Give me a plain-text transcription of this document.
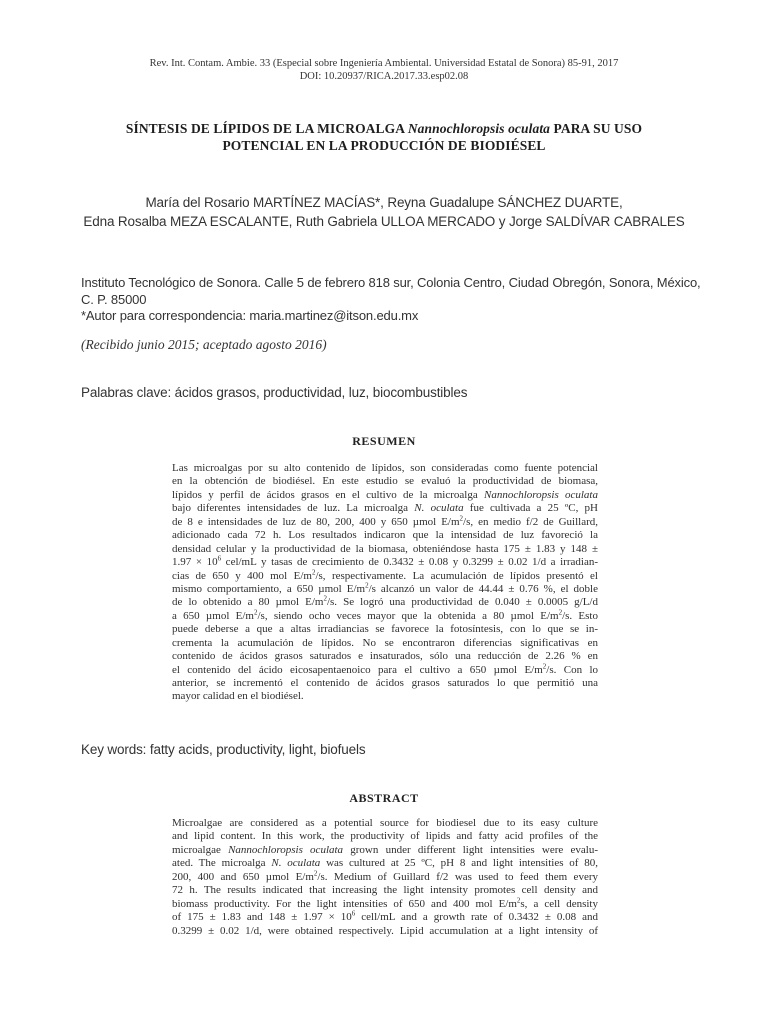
Rev. Int. Contam. Ambie. 33 (Especial sobre Ingeniería Ambiental. Universidad Estatal de Sonora) 85-91, 2017
DOI: 10.20937/RICA.2017.33.esp02.08
SÍNTESIS DE LÍPIDOS DE LA MICROALGA Nannochloropsis oculata PARA SU USO
POTENCIAL EN LA PRODUCCIÓN DE BIODIÉSEL
María del Rosario MARTÍNEZ MACÍAS*, Reyna Guadalupe SÁNCHEZ DUARTE,
Edna Rosalba MEZA ESCALANTE, Ruth Gabriela ULLOA MERCADO y Jorge SALDÍVAR CABRALES
Instituto Tecnológico de Sonora. Calle 5 de febrero 818 sur, Colonia Centro, Ciudad Obregón, Sonora, México,
C. P. 85000
*Autor para correspondencia: maria.martinez@itson.edu.mx
(Recibido junio 2015; aceptado agosto 2016)
Palabras clave: ácidos grasos, productividad, luz, biocombustibles
RESUMEN
Las microalgas por su alto contenido de lípidos, son consideradas como fuente potencial
en la obtención de biodiésel. En este estudio se evaluó la productividad de biomasa,
lípidos y perfil de ácidos grasos en el cultivo de la microalga Nannochloropsis oculata
bajo diferentes intensidades de luz. La microalga N. oculata fue cultivada a 25 ºC, pH
de 8 e intensidades de luz de 80, 200, 400 y 650 µmol $E/m^2/s$, en medio f/2 de Guillard,
adicionado cada 72 h. Los resultados indicaron que la intensidad de luz favoreció la
densidad celular y la productividad de la biomasa, obteniéndose hasta 175 ± 1.83 y 148 ±
$1.97 \times 10^6$ cel/mL y tasas de crecimiento de 0.3432 ± 0.08 y 0.3299 ± 0.02 1/d a irradian-
cias de 650 y 400 mol $E/m^2/s$, respectivamente. La acumulación de lípidos presentó el
mismo comportamiento, a 650 µmol $E/m^2/s$ alcanzó un valor de 44.44 ± 0.76 %, el doble
de lo obtenido a 80 µmol $E/m^2/s$. Se logró una productividad de 0.040 ± 0.0005 g/L/d
a 650 µmol $E/m^2/s$, siendo ocho veces mayor que la obtenida a 80 µmol $E/m^2/s$. Esto
puede deberse a que a altas irradiancias se favorece la fotosíntesis, con lo que se in-
crementa la acumulación de lípidos. No se encontraron diferencias significativas en
contenido de ácidos grasos saturados e insaturados, sólo una reducción de 2.26 % en
el contenido del ácido eicosapentaenoico para el cultivo a 650 µmol $E/m^2/s$. Con lo
anterior, se incrementó el contenido de ácidos grasos saturados lo que permitió una
mayor calidad en el biodiésel.
Key words: fatty acids, productivity, light, biofuels
ABSTRACT
Microalgae are considered as a potential source for biodiesel due to its easy culture
and lipid content. In this work, the productivity of lipids and fatty acid profiles of the
microalgae Nannochloropsis oculata grown under different light intensities were evalu-
ated. The microalga N. oculata was cultured at 25 ºC, pH 8 and light intensities of 80,
200, 400 and 650 µmol $E/m^2/s$. Medium of Guillard f/2 was used to feed them every
72 h. The results indicated that increasing the light intensity promotes cell density and
biomass productivity. For the light intensities of 650 and 400 mol $E/m^2s$, a cell density
of 175 ± 1.83 and $148 \pm 1.97 \times 10^6$ cell/mL and a growth rate of 0.3432 ± 0.08 and
0.3299 ± 0.02 1/d, were obtained respectively. Lipid accumulation at a light intensity of
